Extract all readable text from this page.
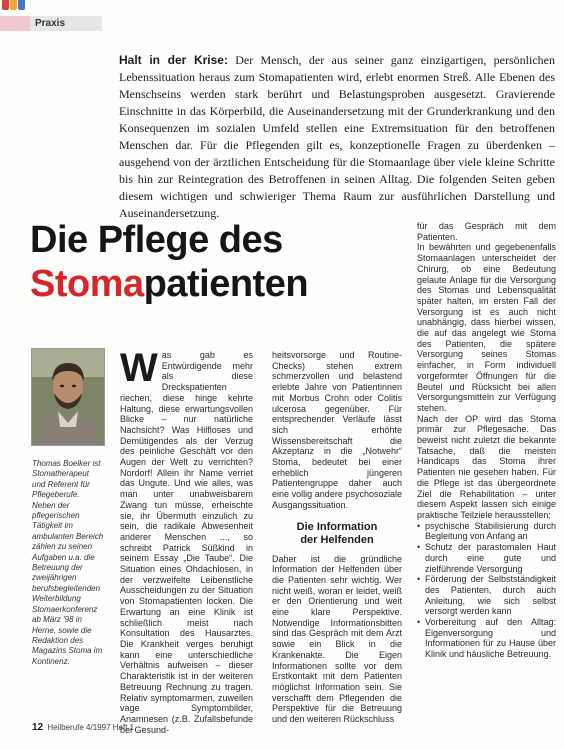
Praxis

Halt in der Krise: Der Mensch, der aus seiner ganz einzigartigen, persönlichen Lebenssituation heraus zum Stomapatienten wird, erlebt enormen Streß. Alle Ebenen des Menschseins werden stark berührt und Belastungsproben ausgesetzt. Gravierende Einschnitte in das Körperbild, die Auseinandersetzung mit der Grunderkrankung und den Konsequenzen im sozialen Umfeld stellen eine Extremsituation für den betroffenen Menschen dar. Für die Pflegenden gilt es, konzeptionelle Fragen zu überdenken – ausgehend von der ärztlichen Entscheidung für die Stomaanlage über viele kleine Schritte bis hin zur Reintegration des Betroffenen in seinen Alltag. Die folgenden Seiten geben diesem wichtigen und schwieriger Thema Raum zur ausführlichen Darstellung und Auseinandersetzung.

Die Pflege des
Stomapatienten

Thomas Boelker ist Stomatherapeut und Referent für Pflegeberufe. Neben der pflegerischen Tätigkeit im ambulanten Bereich zählen zu seinen Aufgaben u.a. die Betreuung der zweijährigen berufsbegleitenden Weiterbildung Stomaerkonferenz ab März '98 in Herne, sowie die Redaktion des Magazins Stoma im Kontinenz.

W as gab es Entwürdigende mehr als diese Dreckspatienten riechen, diese hinge kehrte Haltung, diese erwartungsvollen Blicke – nur natürliche Nachsicht? Was Hilfloses und Demütigendes als der Verzug des peinliche Geschäft vor den Augen der Welt zu verrichten? Nordorf! Allein ihr Name verriet das Ungute. Und wie alles, was man unter unabweisbarem Zwang tun müsse, erheischte sie, ihr Übermuth einzulich zu sein, die radikale Abwesenheit anderer Menschen ..., so schreibt Patrick Süßkind in seinem Essay „Die Taube“. Die Situation eines Ohdachlosen, in der verzweifelte Leibenstliche Ausscheidungen zu der Situation von Stomapatienten locken. Die Erwartung an eine Klinik ist schließlich meist nach Konsultation des Hausarztes. Die Krankheit verges beruhigt kann eine unterschiedliche Verhältnis aufweisen – dieser Charakteristik ist in der weiteren Betreuung Rechnung zu tragen. Relativ symptomarmen, zuweilen vage Symptombilder, Anamnesen (z.B. Zufallsbefunde bei Gesund-

heitsvorsorge und Routine-Checks) stehen extrem schmerzvollen und belastend erlebte Jahre von Patientinnen mit Morbus Crohn oder Colitis ulcerosa gegenüber. Für entsprechender Verläufe lässt sich erhöhte Wissensbereitschaft die Akzeptanz in die „Notwehr“ Stoma, bedeutet bei einer erheblich jüngeren Patientengruppe daher auch eine vollig andere psychosoziale Ausgangssituation.

Die Information
der Helfenden

Daher ist die gründliche Information der Helfenden über die Patienten sehr wichtig. Wer nicht weiß, woran er leidet, weiß er den Orientierung und weit eine klare Perspektive. Notwendige Informationsbitten sind das Gespräch mit dem Arzt sowie ein Blick in die Krankenakte. Die Eigen Informationen sollte vor dem Erstkontakt mit dem Patienten möglichst Information sein. Sie verschafft dem Pflegenden die Perspektive für die Betreuung und den weiteren Rückschluss

für das Gespräch mit dem Patienten.
In bewährten und gegebenenfalls Stomaanlagen unterscheidet der Chirurg, ob eine Bedeutung gelaute Anlage für die Versorgung des Stomas und Lebensqualität später halten, im ersten Fall der Versorgung ist es auch nicht unabhängig, dass hierbei wissen, die auf das angelegt wie Stoma des Patienten, die spätere Versorgung seines Stomas einfacher, in Form individuell vorgeformter Öffnungen für die Beutel und Rücksicht bei allen Versorgungsmitteln zur Verfügung stehen.
Nach der OP wird das Stoma primär zur Pflegesache. Das beweist nicht zuletzt die bekannte Tatsache, daß die meisten Handicaps das Stoma ihrer Patienten nie gesehen haben. Für die Pflege ist das übergeordnete Ziel die Rehabilitation – unter diesem Aspekt lassen sich einige praktische Teilziele herausstellen:

• psychische Stabilisierung durch Begleitung von Anfang an
• Schutz der parastomalen Haut durch eine gute und zielführende Versorgung
• Förderung der Selbstständigkeit des Patienten, durch auch Anleitung, wie sich selbst versorgt werden kann
• Vorbereitung auf den Alltag: Eigenversorgung und Informationen für zu Hause über Klinik und häusliche Betreuung.
12 Heilberufe 4/1997 Heft 1
